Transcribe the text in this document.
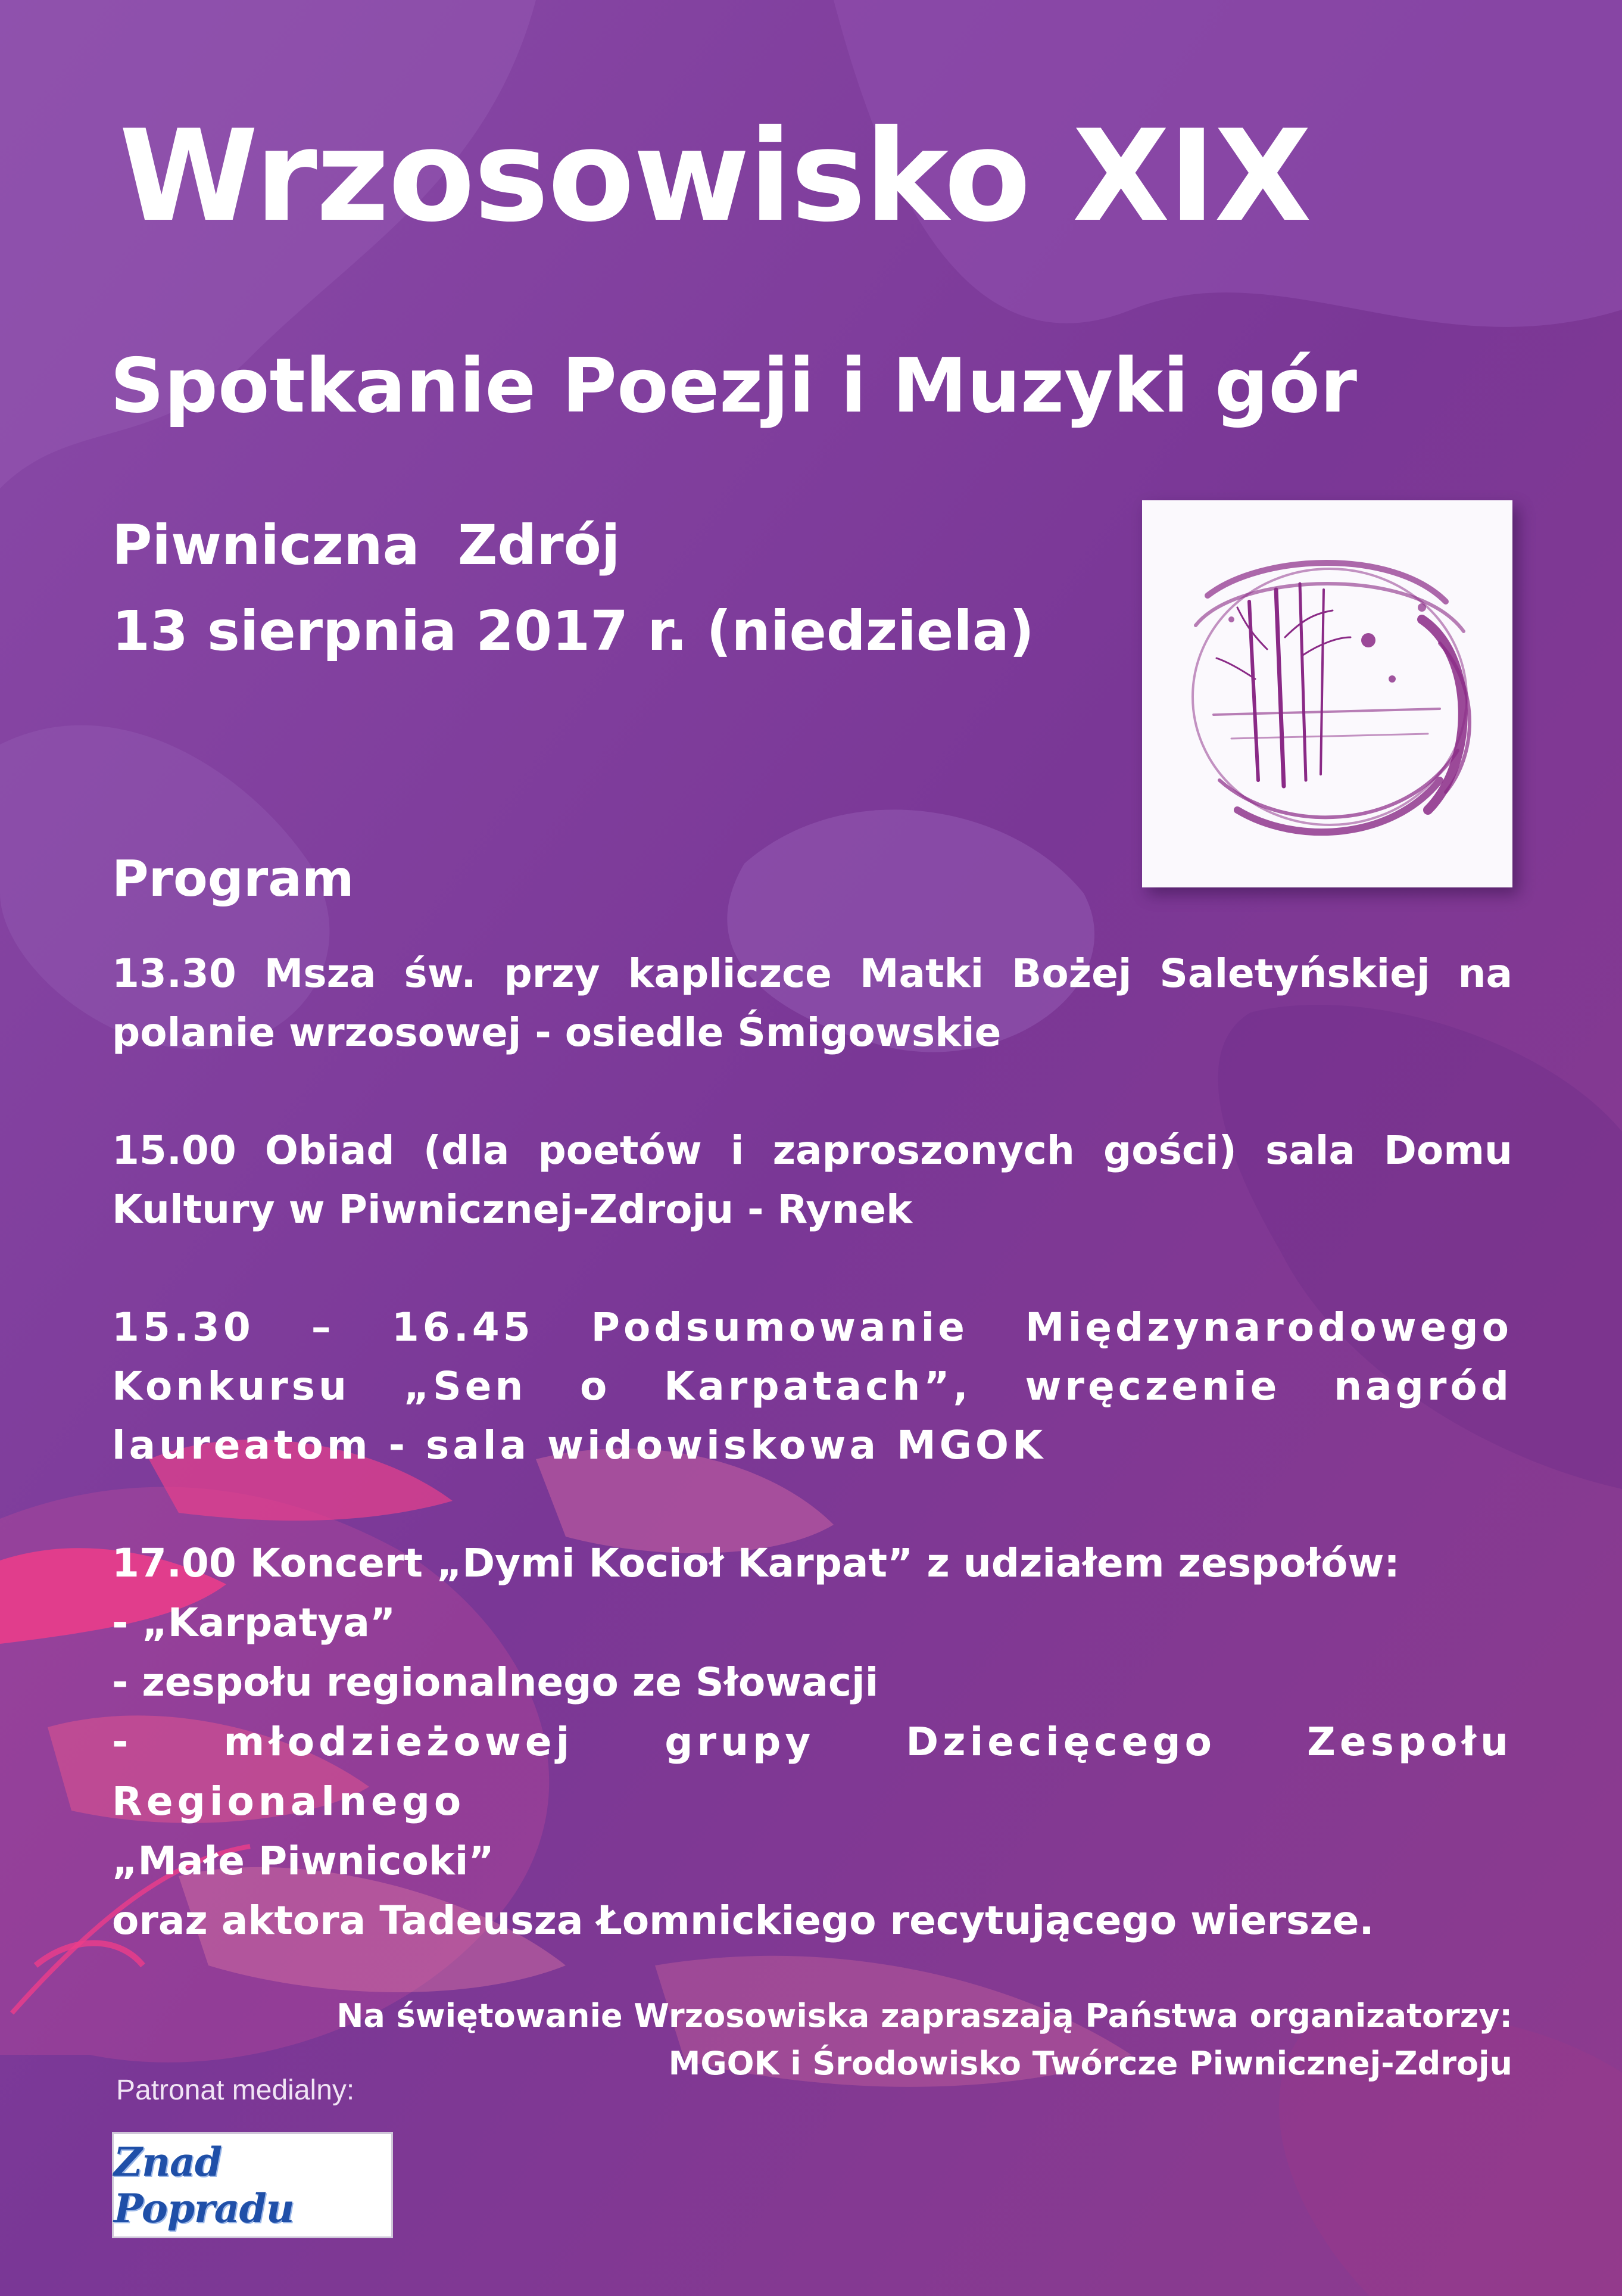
Wrzosowisko XIX
Spotkanie Poezji i Muzyki gór
Piwniczna  Zdrój
13 sierpnia 2017 r. (niedziela)
Program
13.30 Msza św. przy kapliczce Matki Bożej Saletyńskiej na polanie wrzosowej - osiedle Śmigowskie
15.00 Obiad (dla poetów i zaproszonych gości) sala Domu Kultury w Piwnicznej-Zdroju - Rynek
15.30 – 16.45 Podsumowanie Międzynarodowego Konkursu „Sen o Karpatach”, wręczenie nagród laureatom - sala widowiskowa MGOK
17.00 Koncert „Dymi Kocioł Karpat” z udziałem zespołów:
- „Karpatya”
- zespołu regionalnego ze Słowacji
- młodzieżowej grupy Dziecięcego Zespołu Regionalnego
„Małe Piwnicoki”
oraz aktora Tadeusza Łomnickiego recytującego wiersze.
Na świętowanie Wrzosowiska zapraszają Państwa organizatorzy:
MGOK i Środowisko Twórcze Piwnicznej-Zdroju
Patronat medialny:
Znad Popradu
